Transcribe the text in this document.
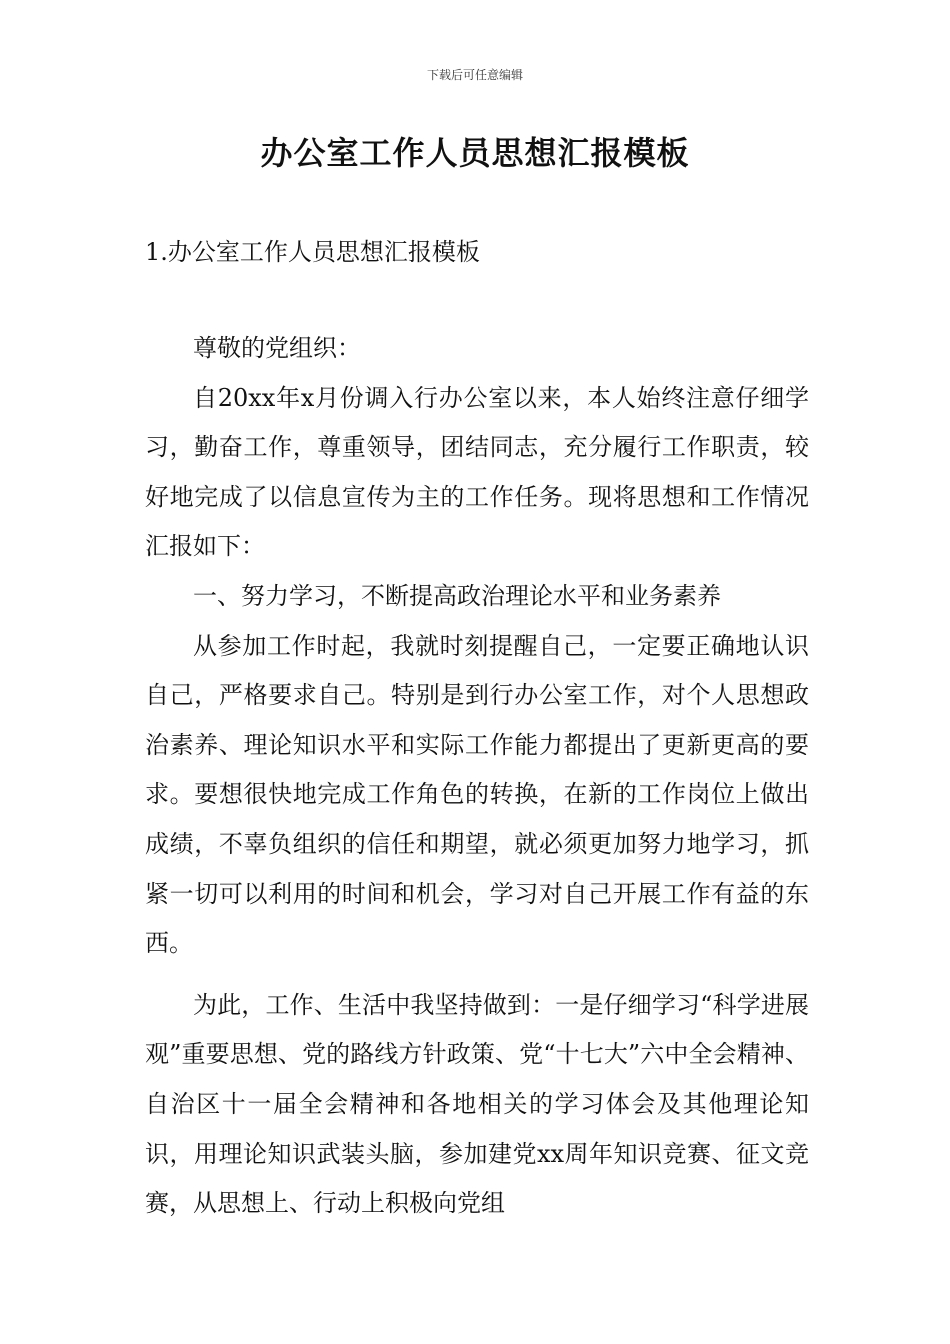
下载后可任意编辑
办公室工作人员思想汇报模板
1.办公室工作人员思想汇报模板

尊敬的党组织：

自20xx年x月份调入行办公室以来，本人始终注意仔细学习，勤奋工作，尊重领导，团结同志，充分履行工作职责，较好地完成了以信息宣传为主的工作任务。现将思想和工作情况汇报如下：

一、努力学习，不断提高政治理论水平和业务素养

从参加工作时起，我就时刻提醒自己，一定要正确地认识自己，严格要求自己。特别是到行办公室工作，对个人思想政治素养、理论知识水平和实际工作能力都提出了更新更高的要求。要想很快地完成工作角色的转换，在新的工作岗位上做出成绩，不辜负组织的信任和期望，就必须更加努力地学习，抓紧一切可以利用的时间和机会，学习对自己开展工作有益的东西。

为此，工作、生活中我坚持做到：一是仔细学习“科学进展观”重要思想、党的路线方针政策、党“十七大”六中全会精神、自治区十一届全会精神和各地相关的学习体会及其他理论知识，用理论知识武装头脑，参加建党xx周年知识竞赛、征文竞赛，从思想上、行动上积极向党组
